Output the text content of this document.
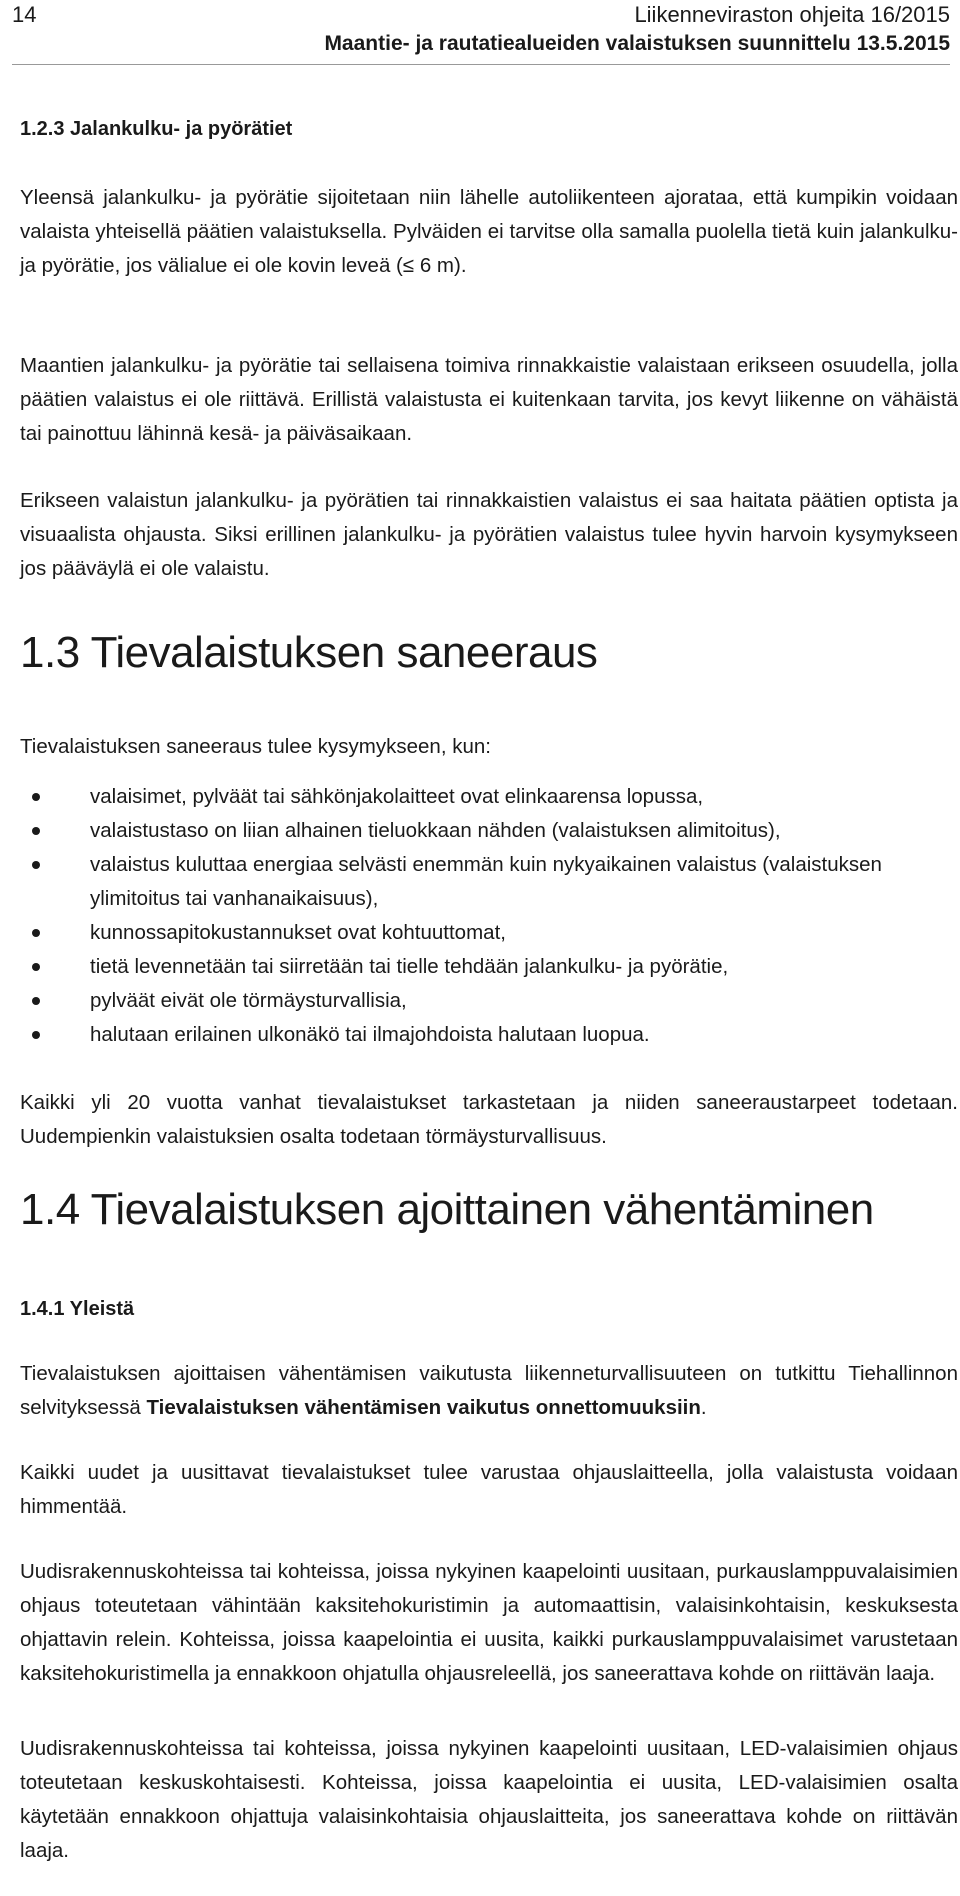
14	Liikenneviraston ohjeita 16/2015
Maantie- ja rautatiealueiden valaistuksen suunnittelu 13.5.2015
1.2.3 Jalankulku- ja pyörätiet

Yleensä jalankulku- ja pyörätie sijoitetaan niin lähelle autoliikenteen ajorataa, että kumpikin voidaan valaista yhteisellä päätien valaistuksella. Pylväiden ei tarvitse olla samalla puolella tietä kuin jalankulku- ja pyörätie, jos välialue ei ole kovin leveä (≤ 6 m).

Maantien jalankulku- ja pyörätie tai sellaisena toimiva rinnakkaistie valaistaan erikseen osuudella, jolla päätien valaistus ei ole riittävä. Erillistä valaistusta ei kuitenkaan tarvita, jos kevyt liikenne on vähäistä tai painottuu lähinnä kesä- ja päiväsaikaan.

Erikseen valaistun jalankulku- ja pyörätien tai rinnakkaistien valaistus ei saa haitata päätien optista ja visuaalista ohjausta. Siksi erillinen jalankulku- ja pyörätien valaistus tulee hyvin harvoin kysymykseen jos pääväylä ei ole valaistu.

1.3 Tievalaistuksen saneeraus

Tievalaistuksen saneeraus tulee kysymykseen, kun:

valaisimet, pylväät tai sähkönjakolaitteet ovat elinkaarensa lopussa,
valaistustaso on liian alhainen tieluokkaan nähden (valaistuksen alimitoitus),
valaistus kuluttaa energiaa selvästi enemmän kuin nykyaikainen valaistus (valaistuksen ylimitoitus tai vanhanaikaisuus),
kunnossapitokustannukset ovat kohtuuttomat,
tietä levennetään tai siirretään tai tielle tehdään jalankulku- ja pyörätie,
pylväät eivät ole törmäysturvallisia,
halutaan erilainen ulkonäkö tai ilmajohdoista halutaan luopua.

Kaikki yli 20 vuotta vanhat tievalaistukset tarkastetaan ja niiden saneeraustarpeet todetaan. Uudempienkin valaistuksien osalta todetaan törmäysturvallisuus.

1.4 Tievalaistuksen ajoittainen vähentäminen
1.4.1 Yleistä

Tievalaistuksen ajoittaisen vähentämisen vaikutusta liikenneturvallisuuteen on tutkittu Tiehallinnon selvityksessä Tievalaistuksen vähentämisen vaikutus onnettomuuksiin.

Kaikki uudet ja uusittavat tievalaistukset tulee varustaa ohjauslaitteella, jolla valaistusta voidaan himmentää.

Uudisrakennuskohteissa tai kohteissa, joissa nykyinen kaapelointi uusitaan, purkauslamppuvalaisimien ohjaus toteutetaan vähintään kaksitehokuristimin ja automaattisin, valaisinkohtaisin, keskuksesta ohjattavin relein. Kohteissa, joissa kaapelointia ei uusita, kaikki purkauslamppuvalaisimet varustetaan kaksitehokuristimella ja ennakkoon ohjatulla ohjausreleellä, jos saneerattava kohde on riittävän laaja.

Uudisrakennuskohteissa tai kohteissa, joissa nykyinen kaapelointi uusitaan, LED-valaisimien ohjaus toteutetaan keskuskohtaisesti. Kohteissa, joissa kaapelointia ei uusita, LED-valaisimien osalta käytetään ennakkoon ohjattuja valaisinkohtaisia ohjauslaitteita, jos saneerattava kohde on riittävän laaja.
